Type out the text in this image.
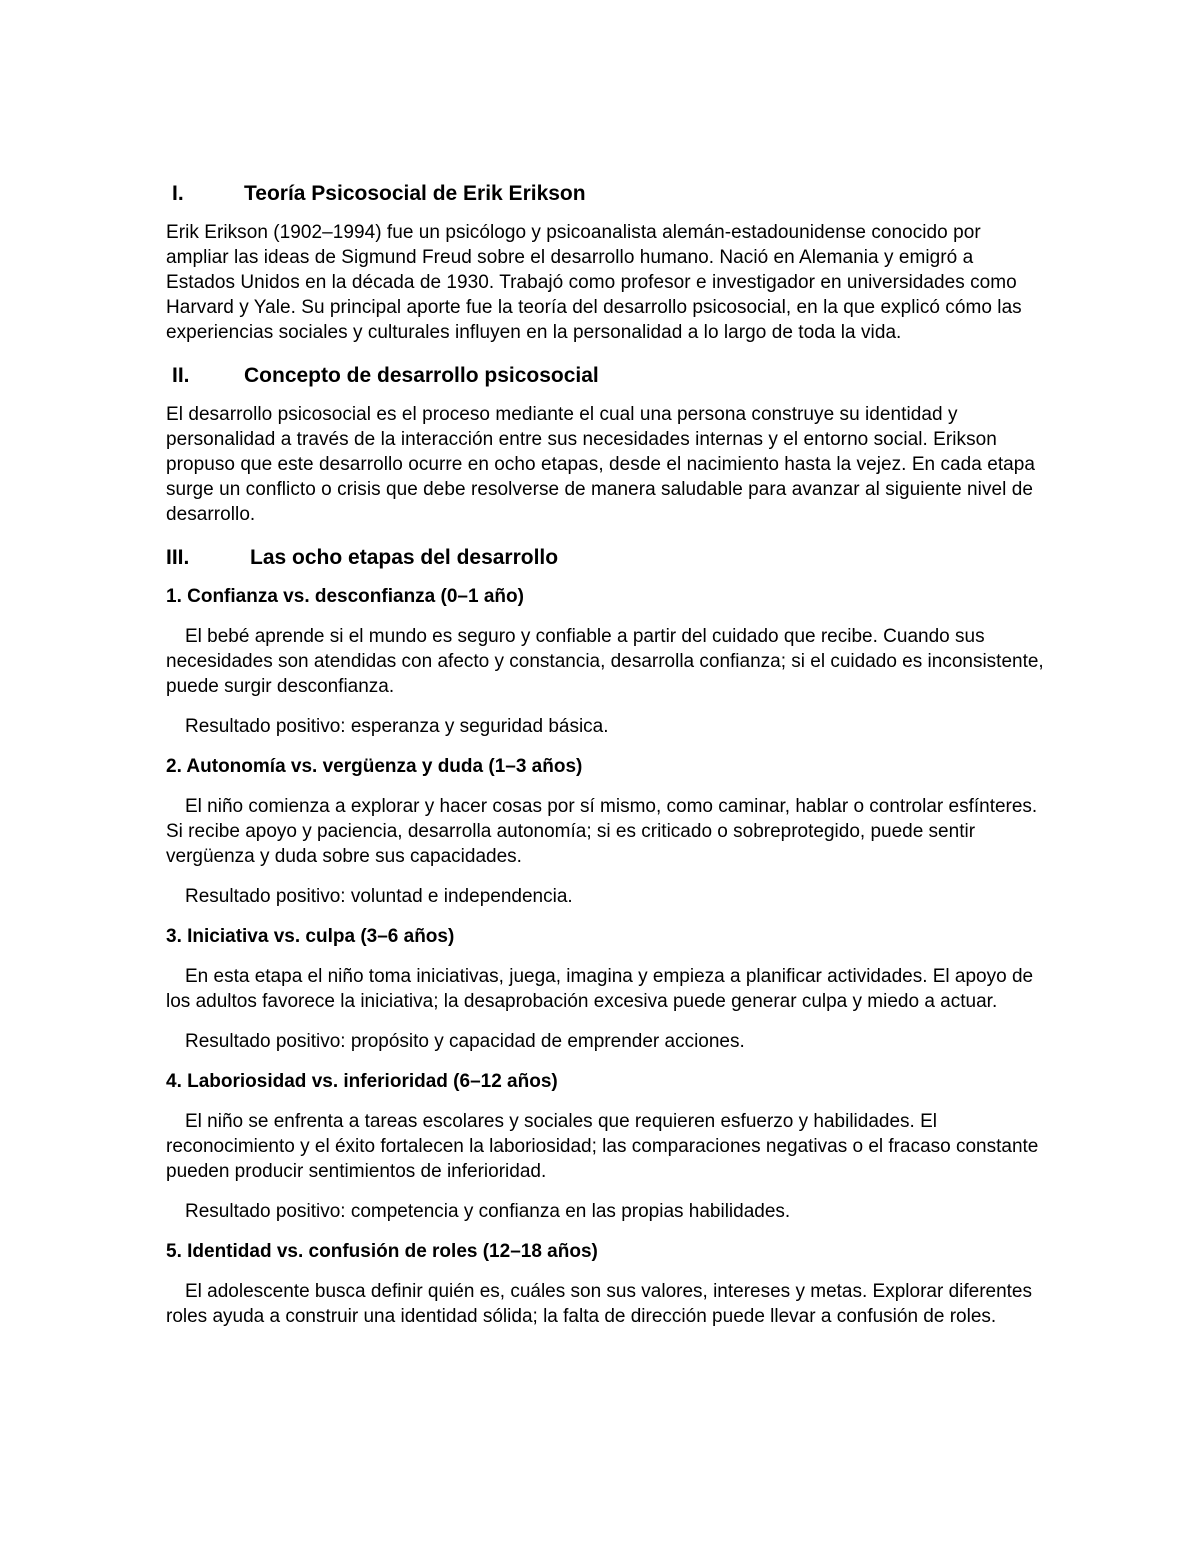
I.	Teoría Psicosocial de Erik Erikson

Erik Erikson (1902–1994) fue un psicólogo y psicoanalista alemán-estadounidense conocido por ampliar las ideas de Sigmund Freud sobre el desarrollo humano. Nació en Alemania y emigró a Estados Unidos en la década de 1930. Trabajó como profesor e investigador en universidades como Harvard y Yale. Su principal aporte fue la teoría del desarrollo psicosocial, en la que explicó cómo las experiencias sociales y culturales influyen en la personalidad a lo largo de toda la vida.

II.	Concepto de desarrollo psicosocial

El desarrollo psicosocial es el proceso mediante el cual una persona construye su identidad y personalidad a través de la interacción entre sus necesidades internas y el entorno social. Erikson propuso que este desarrollo ocurre en ocho etapas, desde el nacimiento hasta la vejez. En cada etapa surge un conflicto o crisis que debe resolverse de manera saludable para avanzar al siguiente nivel de desarrollo.

III.	Las ocho etapas del desarrollo

1. Confianza vs. desconfianza (0–1 año)

El bebé aprende si el mundo es seguro y confiable a partir del cuidado que recibe. Cuando sus necesidades son atendidas con afecto y constancia, desarrolla confianza; si el cuidado es inconsistente, puede surgir desconfianza.

Resultado positivo: esperanza y seguridad básica.

2. Autonomía vs. vergüenza y duda (1–3 años)

El niño comienza a explorar y hacer cosas por sí mismo, como caminar, hablar o controlar esfínteres. Si recibe apoyo y paciencia, desarrolla autonomía; si es criticado o sobreprotegido, puede sentir vergüenza y duda sobre sus capacidades.

Resultado positivo: voluntad e independencia.

3. Iniciativa vs. culpa (3–6 años)

En esta etapa el niño toma iniciativas, juega, imagina y empieza a planificar actividades. El apoyo de los adultos favorece la iniciativa; la desaprobación excesiva puede generar culpa y miedo a actuar.

Resultado positivo: propósito y capacidad de emprender acciones.

4. Laboriosidad vs. inferioridad (6–12 años)

El niño se enfrenta a tareas escolares y sociales que requieren esfuerzo y habilidades. El reconocimiento y el éxito fortalecen la laboriosidad; las comparaciones negativas o el fracaso constante pueden producir sentimientos de inferioridad.

Resultado positivo: competencia y confianza en las propias habilidades.

5. Identidad vs. confusión de roles (12–18 años)

El adolescente busca definir quién es, cuáles son sus valores, intereses y metas. Explorar diferentes roles ayuda a construir una identidad sólida; la falta de dirección puede llevar a confusión de roles.
